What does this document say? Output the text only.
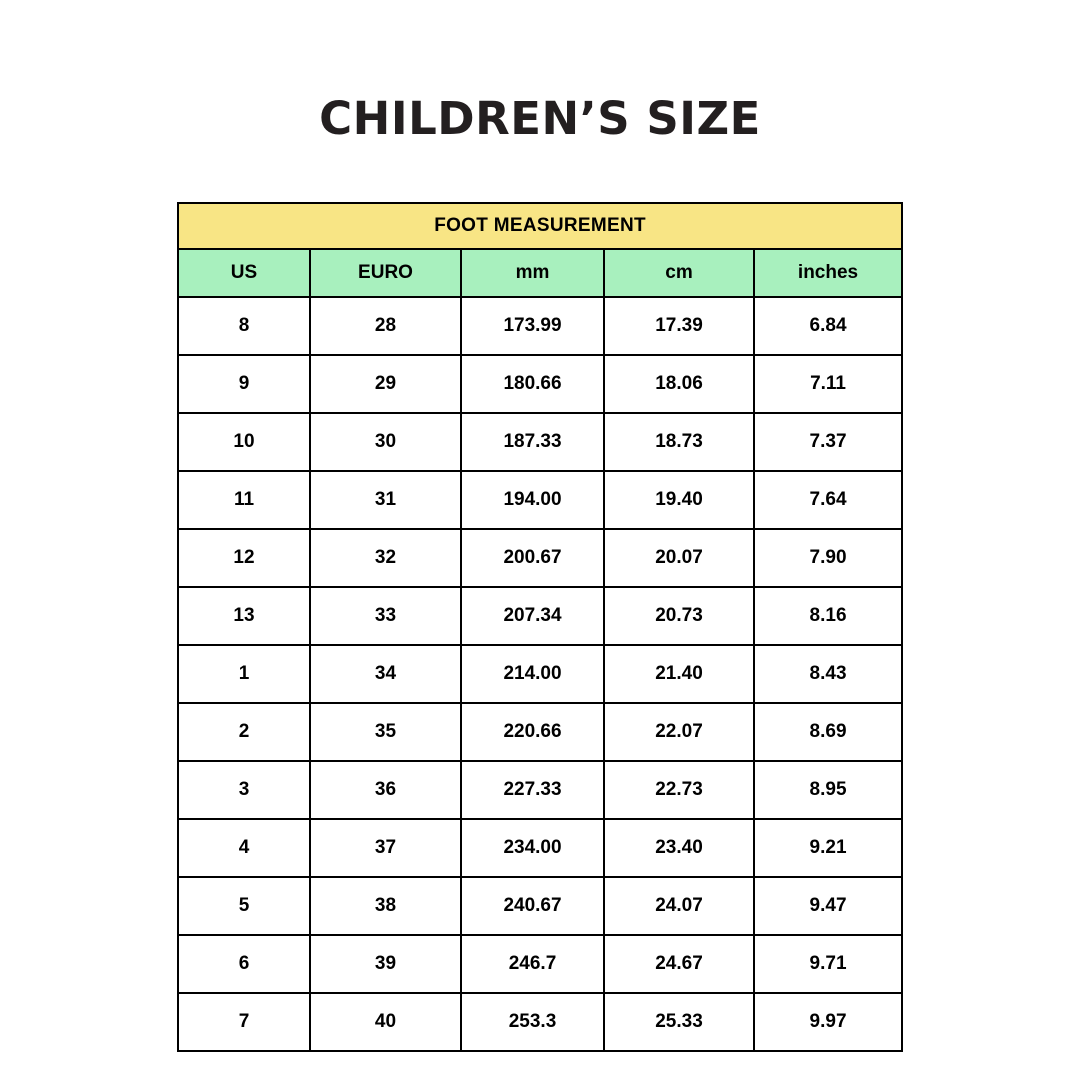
CHILDREN’S SIZE
FOOT MEASUREMENT				
US	EURO	mm	cm	inches
8	28	173.99	17.39	6.84
9	29	180.66	18.06	7.11
10	30	187.33	18.73	7.37
11	31	194.00	19.40	7.64
12	32	200.67	20.07	7.90
13	33	207.34	20.73	8.16
1	34	214.00	21.40	8.43
2	35	220.66	22.07	8.69
3	36	227.33	22.73	8.95
4	37	234.00	23.40	9.21
5	38	240.67	24.07	9.47
6	39	246.7	24.67	9.71
7	40	253.3	25.33	9.97
